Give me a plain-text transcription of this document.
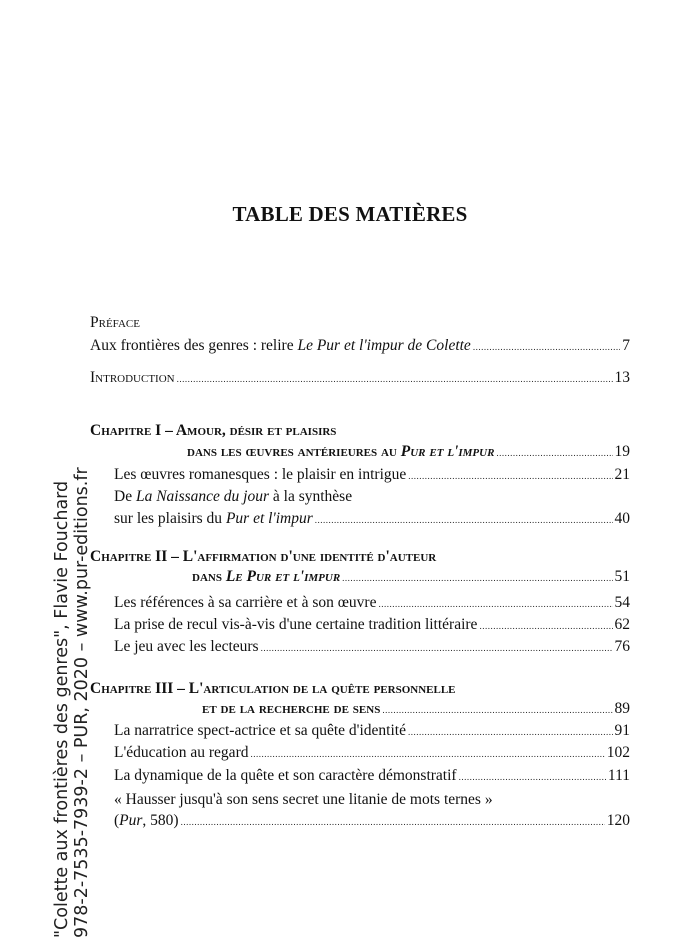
TABLE DES MATIÈRES
Préface
Aux frontières des genres : relire Le Pur et l'impur de Colette .....	7
Introduction .....	13
Chapitre I – Amour, désir et plaisirs
dans les œuvres antérieures au Pur et l'impur .....	19
Les œuvres romanesques : le plaisir en intrigue .....	21
De La Naissance du jour à la synthèse
sur les plaisirs du Pur et l'impur .....	40
Chapitre II – L'affirmation d'une identité d'auteur
dans Le Pur et l'impur .....	51
Les références à sa carrière et à son œuvre .....	54
La prise de recul vis-à-vis d'une certaine tradition littéraire .....	62
Le jeu avec les lecteurs .....	76
Chapitre III – L'articulation de la quête personnelle
et de la recherche de sens .....	89
La narratrice spect-actrice et sa quête d'identité .....	91
L'éducation au regard .....	102
La dynamique de la quête et son caractère démonstratif .....	111
« Hausser jusqu'à son sens secret une litanie de mots ternes »
(Pur, 580) .....	120
"Colette aux frontières des genres", Flavie Fouchard 978-2-7535-7939-2 – PUR, 2020 – www.pur-editions.fr
